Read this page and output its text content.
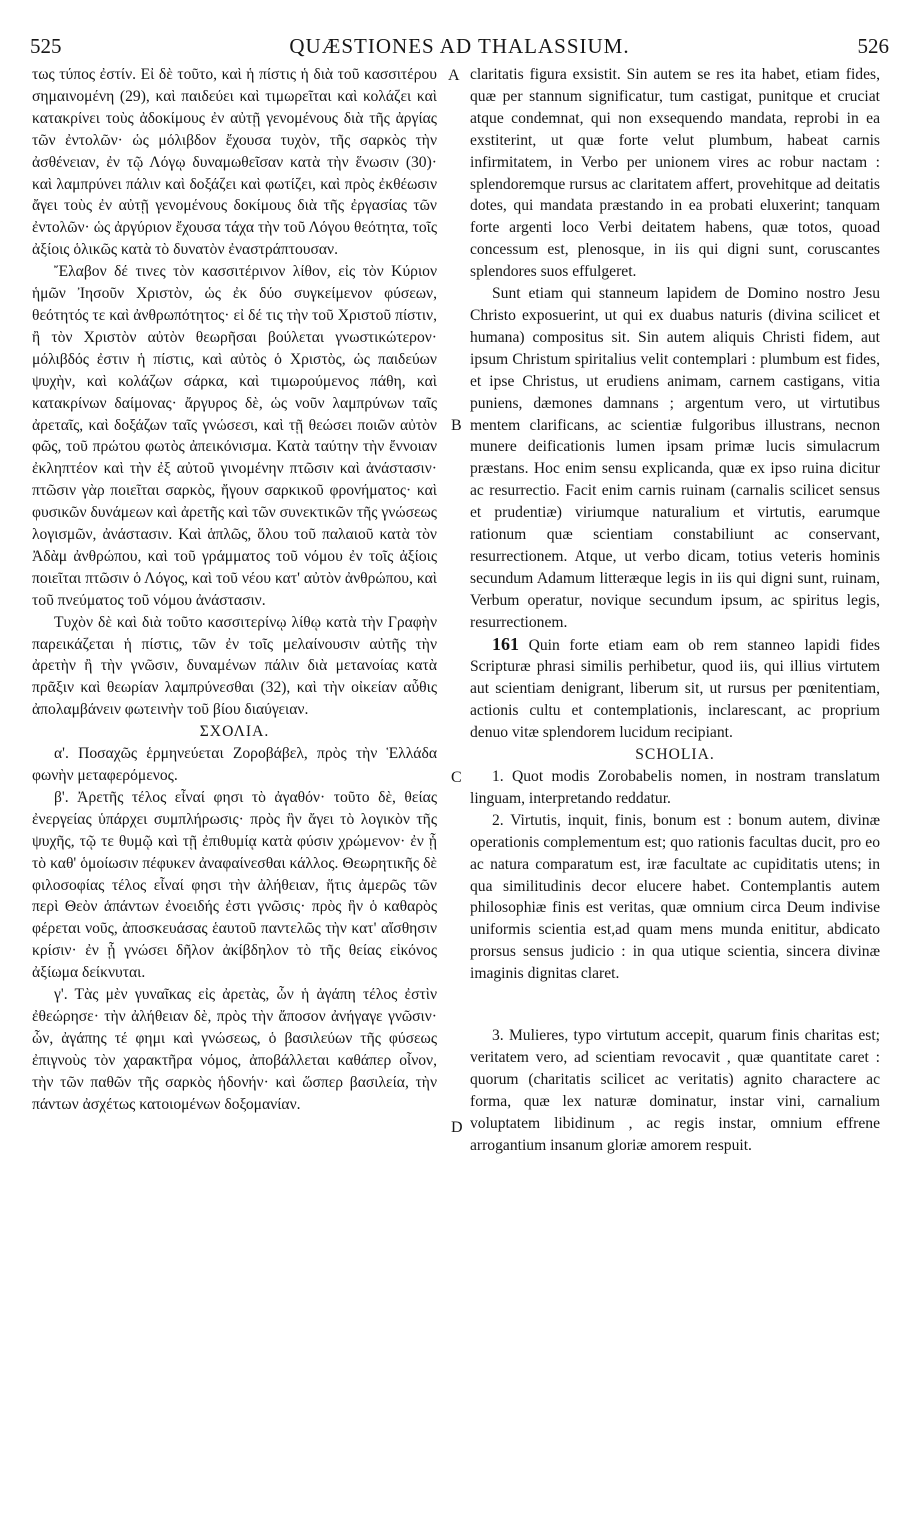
525	QUÆSTIONES AD THALASSIUM.	526
A
B
C
D

τως τύπος ἐστίν. Εἰ δὲ τοῦτο, καὶ ἡ πίστις ἡ διὰ τοῦ κασσιτέρου σημαινομένη (29), καὶ παιδεύει καὶ τιμωρεῖται καὶ κολάζει καὶ κατακρίνει τοὺς ἀδοκίμους ἐν αὐτῇ γενομένους διὰ τῆς ἀργίας τῶν ἐντολῶν· ὡς μόλιβδον ἔχουσα τυχὸν, τῆς σαρκὸς τὴν ἀσθένειαν, ἐν τῷ Λόγῳ δυναμωθεῖσαν κατὰ τὴν ἕνωσιν (30)· καὶ λαμπρύνει πάλιν καὶ δοξάζει καὶ φωτίζει, καὶ πρὸς ἐκθέωσιν ἄγει τοὺς ἐν αὐτῇ γενομένους δοκίμους διὰ τῆς ἐργασίας τῶν ἐντολῶν· ὡς ἀργύριον ἔχουσα τάχα τὴν τοῦ Λόγου θεότητα, τοῖς ἀξίοις ὁλικῶς κατὰ τὸ δυνατὸν ἐναστράπτουσαν.

Ἔλαβον δέ τινες τὸν κασσιτέρινον λίθον, εἰς τὸν Κύριον ἡμῶν Ἰησοῦν Χριστὸν, ὡς ἐκ δύο συγκείμενον φύσεων, θεότητός τε καὶ ἀνθρωπότητος· εἰ δέ τις τὴν τοῦ Χριστοῦ πίστιν, ἢ τὸν Χριστὸν αὐτὸν θεωρῆσαι βούλεται γνωστικώτερον· μόλιβδός ἐστιν ἡ πίστις, καὶ αὐτὸς ὁ Χριστὸς, ὡς παιδεύων ψυχὴν, καὶ κολάζων σάρκα, καὶ τιμωρούμενος πάθη, καὶ κατακρίνων δαίμονας· ἄργυρος δὲ, ὡς νοῦν λαμπρύνων ταῖς ἀρεταῖς, καὶ δοξάζων ταῖς γνώσεσι, καὶ τῇ θεώσει ποιῶν αὐτὸν φῶς, τοῦ πρώτου φωτὸς ἀπεικόνισμα. Κατὰ ταύτην τὴν ἔννοιαν ἐκληπτέον καὶ τὴν ἐξ αὐτοῦ γινομένην πτῶσιν καὶ ἀνάστασιν· πτῶσιν γὰρ ποιεῖται σαρκὸς, ἤγουν σαρκικοῦ φρονήματος· καὶ φυσικῶν δυνάμεων καὶ ἀρετῆς καὶ τῶν συνεκτικῶν τῆς γνώσεως λογισμῶν, ἀνάστασιν. Καὶ ἁπλῶς, ὅλου τοῦ παλαιοῦ κατὰ τὸν Ἀδὰμ ἀνθρώπου, καὶ τοῦ γράμματος τοῦ νόμου ἐν τοῖς ἀξίοις ποιεῖται πτῶσιν ὁ Λόγος, καὶ τοῦ νέου κατ' αὐτὸν ἀνθρώπου, καὶ τοῦ πνεύματος τοῦ νόμου ἀνάστασιν.

Τυχὸν δὲ καὶ διὰ τοῦτο κασσιτερίνῳ λίθῳ κατὰ τὴν Γραφὴν παρεικάζεται ἡ πίστις, τῶν ἐν τοῖς μελαίνουσιν αὐτῆς τὴν ἀρετὴν ἢ τὴν γνῶσιν, δυναμένων πάλιν διὰ μετανοίας κατὰ πρᾶξιν καὶ θεωρίαν λαμπρύνεσθαι (32), καὶ τὴν οἰκείαν αὖθις ἀπολαμβάνειν φωτεινὴν τοῦ βίου διαύγειαν.

ΣΧΟΛΙΑ.

α'. Ποσαχῶς ἑρμηνεύεται Ζοροβάβελ, πρὸς τὴν Ἑλλάδα φωνὴν μεταφερόμενος.

β'. Ἀρετῆς τέλος εἶναί φησι τὸ ἀγαθόν· τοῦτο δὲ, θείας ἐνεργείας ὑπάρχει συμπλήρωσις· πρὸς ἣν ἄγει τὸ λογικὸν τῆς ψυχῆς, τῷ τε θυμῷ καὶ τῇ ἐπιθυμίᾳ κατὰ φύσιν χρώμενον· ἐν ᾗ τὸ καθ' ὁμοίωσιν πέφυκεν ἀναφαίνεσθαι κάλλος. Θεωρητικῆς δὲ φιλοσοφίας τέλος εἶναί φησι τὴν ἀλήθειαν, ἥτις ἀμερῶς τῶν περὶ Θεὸν ἁπάντων ἐνοειδής ἐστι γνῶσις· πρὸς ἣν ὁ καθαρὸς φέρεται νοῦς, ἀποσκευάσας ἑαυτοῦ παντελῶς τὴν κατ' αἴσθησιν κρίσιν· ἐν ᾗ γνώσει δῆλον ἀκίβδηλον τὸ τῆς θείας εἰκόνος ἀξίωμα δείκνυται.

γ'. Τὰς μὲν γυναῖκας εἰς ἀρετὰς, ὧν ἡ ἀγάπη τέλος ἐστὶν ἐθεώρησε· τὴν ἀλήθειαν δὲ, πρὸς τὴν ἄποσον ἀνήγαγε γνῶσιν· ὧν, ἀγάπης τέ φημι καὶ γνώσεως, ὁ βασιλεύων τῆς φύσεως ἐπιγνοὺς τὸν χαρακτῆρα νόμος, ἀποβάλλεται καθάπερ οἶνον, τὴν τῶν παθῶν τῆς σαρκὸς ἡδονήν· καὶ ὥσπερ βασιλεία, τὴν πάντων ἀσχέτως κατοιομένων δοξομανίαν.

claritatis figura exsistit. Sin autem se res ita habet, etiam fides, quæ per stannum significatur, tum castigat, punitque et cruciat atque condemnat, qui non exsequendo mandata, reprobi in ea exstiterint, ut quæ forte velut plumbum, habeat carnis infirmitatem, in Verbo per unionem vires ac robur nactam : splendoremque rursus ac claritatem affert, provehitque ad deitatis dotes, qui mandata præstando in ea probati eluxerint; tanquam forte argenti loco Verbi deitatem habens, quæ totos, quoad concessum est, plenosque, in iis qui digni sunt, coruscantes splendores suos effulgeret.

Sunt etiam qui stanneum lapidem de Domino nostro Jesu Christo exposuerint, ut qui ex duabus naturis (divina scilicet et humana) compositus sit. Sin autem aliquis Christi fidem, aut ipsum Christum spiritalius velit contemplari : plumbum est fides, et ipse Christus, ut erudiens animam, carnem castigans, vitia puniens, dæmones damnans ; argentum vero, ut virtutibus mentem clarificans, ac scientiæ fulgoribus illustrans, necnon munere deificationis lumen ipsam primæ lucis simulacrum præstans. Hoc enim sensu explicanda, quæ ex ipso ruina dicitur ac resurrectio. Facit enim carnis ruinam (carnalis scilicet sensus et prudentiæ) viriumque naturalium et virtutis, earumque rationum quæ scientiam constabiliunt ac conservant, resurrectionem. Atque, ut verbo dicam, totius veteris hominis secundum Adamum litteræque legis in iis qui digni sunt, ruinam, Verbum operatur, novique secundum ipsum, ac spiritus legis, resurrectionem.

161 Quin forte etiam eam ob rem stanneo lapidi fides Scripturæ phrasi similis perhibetur, quod iis, qui illius virtutem aut scientiam denigrant, liberum sit, ut rursus per pœnitentiam, actionis cultu et contemplationis, inclarescant, ac proprium denuo vitæ splendorem lucidum recipiant.

SCHOLIA.

1. Quot modis Zorobabelis nomen, in nostram translatum linguam, interpretando reddatur.

2. Virtutis, inquit, finis, bonum est : bonum autem, divinæ operationis complementum est; quo rationis facultas ducit, pro eo ac natura comparatum est, iræ facultate ac cupiditatis utens; in qua similitudinis decor elucere habet. Contemplantis autem philosophiæ finis est veritas, quæ omnium circa Deum indivise uniformis scientia est,ad quam mens munda enititur, abdicato prorsus sensus judicio : in qua utique scientia, sincera divinæ imaginis dignitas claret.

3. Mulieres, typo virtutum accepit, quarum finis charitas est; veritatem vero, ad scientiam revocavit , quæ quantitate caret : quorum (charitatis scilicet ac veritatis) agnito charactere ac forma, quæ lex naturæ dominatur, instar vini, carnalium voluptatem libidinum , ac regis instar, omnium effrene arrogantium insanum gloriæ amorem respuit.
